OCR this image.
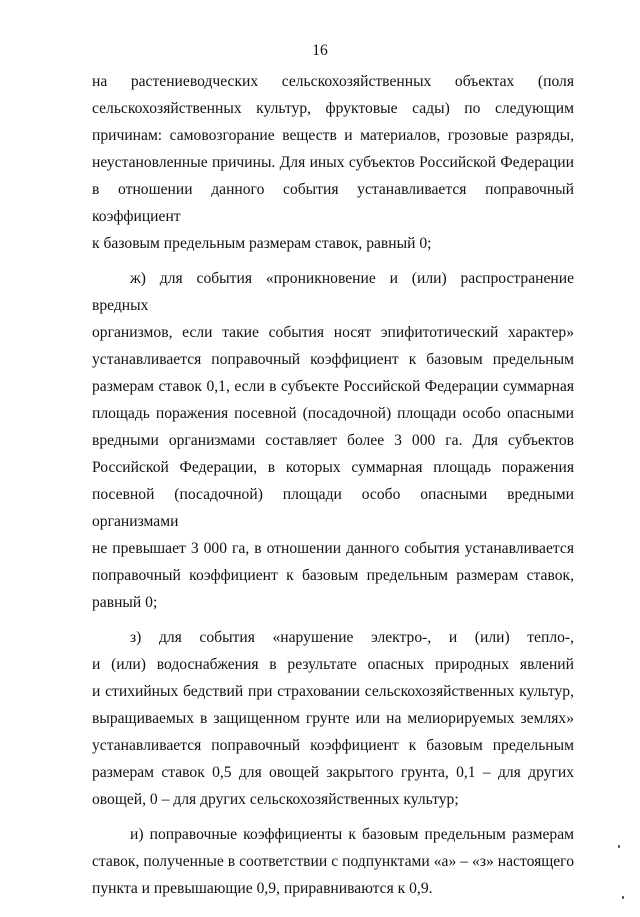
16
на растениеводческих сельскохозяйственных объектах (поля
сельскохозяйственных культур, фруктовые сады) по следующим
причинам: самовозгорание веществ и материалов, грозовые разряды,
неустановленные причины. Для иных субъектов Российской Федерации
в отношении данного события устанавливается поправочный коэффициент
к базовым предельным размерам ставок, равный 0;
ж) для события «проникновение и (или) распространение вредных
организмов, если такие события носят эпифитотический характер»
устанавливается поправочный коэффициент к базовым предельным
размерам ставок 0,1, если в субъекте Российской Федерации суммарная
площадь поражения посевной (посадочной) площади особо опасными
вредными организмами составляет более 3 000 га. Для субъектов
Российской Федерации, в которых суммарная площадь поражения
посевной (посадочной) площади особо опасными вредными организмами
не превышает 3 000 га, в отношении данного события устанавливается
поправочный коэффициент к базовым предельным размерам ставок,
равный 0;
з) для события «нарушение электро-, и (или) тепло-,
и (или) водоснабжения в результате опасных природных явлений
и стихийных бедствий при страховании сельскохозяйственных культур,
выращиваемых в защищенном грунте или на мелиорируемых землях»
устанавливается поправочный коэффициент к базовым предельным
размерам ставок 0,5 для овощей закрытого грунта, 0,1 – для других
овощей, 0 – для других сельскохозяйственных культур;
и) поправочные коэффициенты к базовым предельным размерам
ставок, полученные в соответствии с подпунктами «а» – «з» настоящего
пункта и превышающие 0,9, приравниваются к 0,9.
